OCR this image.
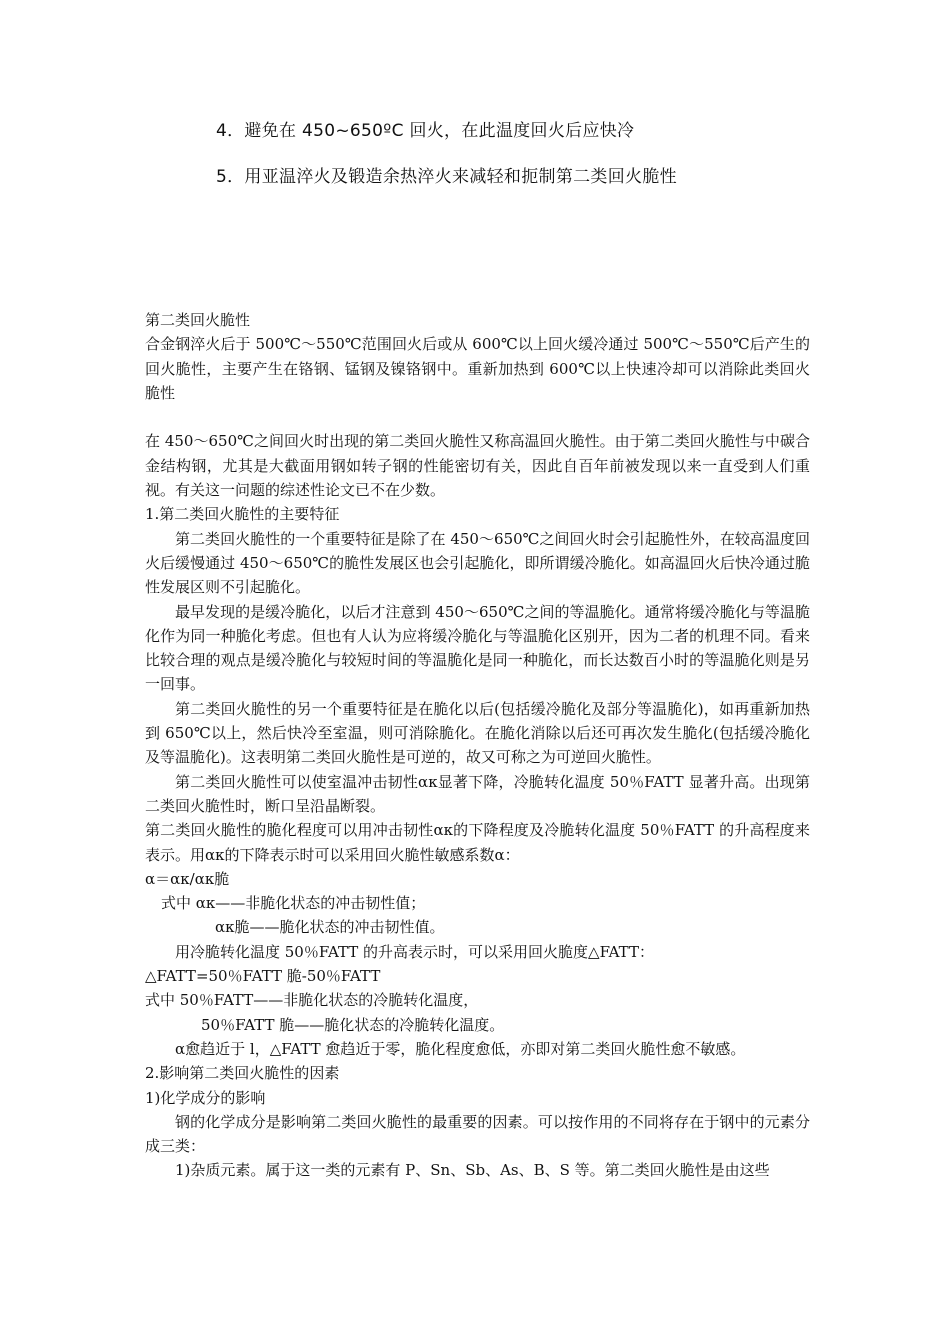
4．避免在 450~650ºC 回火，在此温度回火后应快冷
5．用亚温淬火及锻造余热淬火来减轻和扼制第二类回火脆性

第二类回火脆性

合金钢淬火后于 500℃～550℃范围回火后或从 600℃以上回火缓冷通过 500℃～550℃后产生的回火脆性，主要产生在铬钢、锰钢及镍铬钢中。重新加热到 600℃以上快速冷却可以消除此类回火脆性

在 450～650℃之间回火时出现的第二类回火脆性又称高温回火脆性。由于第二类回火脆性与中碳合金结构钢，尤其是大截面用钢如转子钢的性能密切有关，因此自百年前被发现以来一直受到人们重视。有关这一问题的综述性论文已不在少数。

1.第二类回火脆性的主要特征

第二类回火脆性的一个重要特征是除了在 450～650℃之间回火时会引起脆性外，在较高温度回火后缓慢通过 450～650℃的脆性发展区也会引起脆化，即所谓缓冷脆化。如高温回火后快冷通过脆性发展区则不引起脆化。

最早发现的是缓冷脆化，以后才注意到 450～650℃之间的等温脆化。通常将缓冷脆化与等温脆化作为同一种脆化考虑。但也有人认为应将缓冷脆化与等温脆化区别开，因为二者的机理不同。看来比较合理的观点是缓冷脆化与较短时间的等温脆化是同一种脆化，而长达数百小时的等温脆化则是另一回事。

第二类回火脆性的另一个重要特征是在脆化以后(包括缓冷脆化及部分等温脆化)，如再重新加热到 650℃以上，然后快冷至室温，则可消除脆化。在脆化消除以后还可再次发生脆化(包括缓冷脆化及等温脆化)。这表明第二类回火脆性是可逆的，故又可称之为可逆回火脆性。

第二类回火脆性可以使室温冲击韧性ακ显著下降，冷脆转化温度 50％FATT 显著升高。出现第二类回火脆性时，断口呈沿晶断裂。

第二类回火脆性的脆化程度可以用冲击韧性ακ的下降程度及冷脆转化温度 50％FATT 的升高程度来表示。用ακ的下降表示时可以采用回火脆性敏感系数α：

α＝ακ/ακ脆

式中 ακ——非脆化状态的冲击韧性值；

ακ脆——脆化状态的冲击韧性值。

用冷脆转化温度 50％FATT 的升高表示时，可以采用回火脆度△FATT：

△FATT=50％FATT 脆-50％FATT

式中 50％FATT——非脆化状态的冷脆转化温度，

50％FATT 脆——脆化状态的冷脆转化温度。

α愈趋近于 l，△FATT 愈趋近于零，脆化程度愈低，亦即对第二类回火脆性愈不敏感。

2.影响第二类回火脆性的因素

1)化学成分的影响

钢的化学成分是影响第二类回火脆性的最重要的因素。可以按作用的不同将存在于钢中的元素分成三类：

1)杂质元素。属于这一类的元素有 P、Sn、Sb、As、B、S 等。第二类回火脆性是由这些
